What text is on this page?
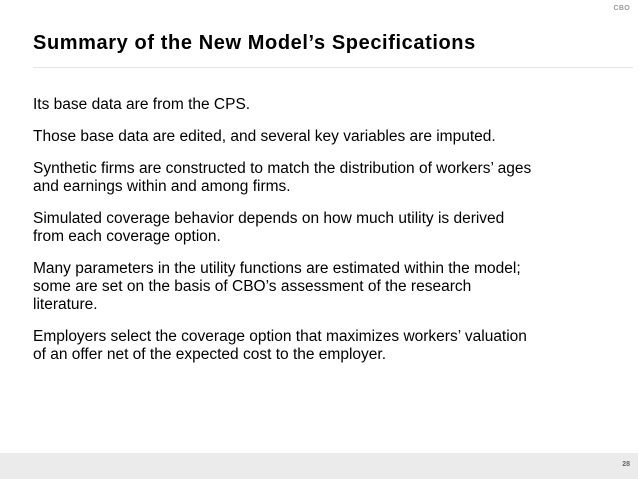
CBO
Summary of the New Model’s Specifications
Its base data are from the CPS.
Those base data are edited, and several key variables are imputed.
Synthetic firms are constructed to match the distribution of workers’ ages
and earnings within and among firms.
Simulated coverage behavior depends on how much utility is derived
from each coverage option.
Many parameters in the utility functions are estimated within the model;
some are set on the basis of CBO’s assessment of the research
literature.
Employers select the coverage option that maximizes workers’ valuation
of an offer net of the expected cost to the employer.
28
